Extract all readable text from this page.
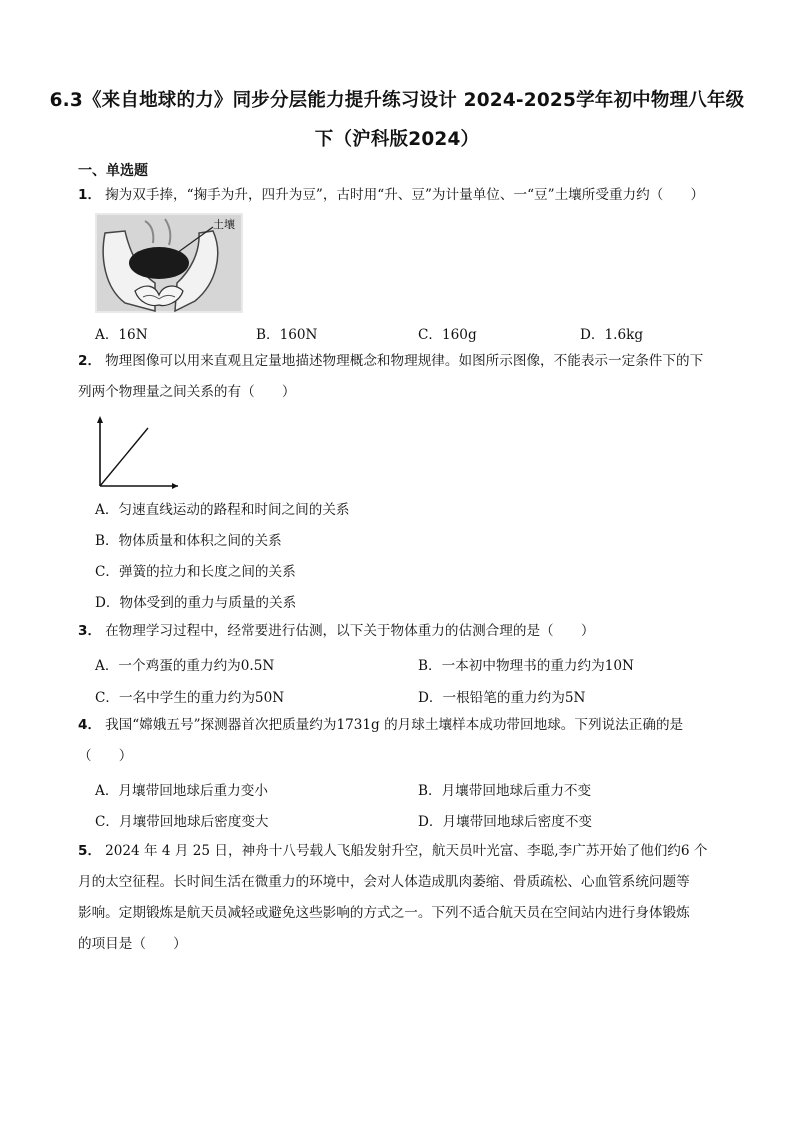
6.3《来自地球的力》同步分层能力提升练习设计 2024-2025学年初中物理八年级
下（沪科版2024）
一、单选题
1． 掬为双手捧，“掬手为升，四升为豆”，古时用“升、豆”为计量单位、一“豆”土壤所受重力约（　　）
土壤
A．16N	B．160N	C．160g	D．1.6kg
2． 物理图像可以用来直观且定量地描述物理概念和物理规律。如图所示图像，不能表示一定条件下的下
列两个物理量之间关系的有（　　）
A．匀速直线运动的路程和时间之间的关系
B．物体质量和体积之间的关系
C．弹簧的拉力和长度之间的关系
D．物体受到的重力与质量的关系
3． 在物理学习过程中，经常要进行估测，以下关于物体重力的估测合理的是（　　）
A．一个鸡蛋的重力约为0.5N	B．一本初中物理书的重力约为10N
C．一名中学生的重力约为50N	D．一根铅笔的重力约为5N
4． 我国“嫦娥五号”探测器首次把质量约为1731g 的月球土壤样本成功带回地球。下列说法正确的是
（　　）
A．月壤带回地球后重力变小	B．月壤带回地球后重力不变
C．月壤带回地球后密度变大	D．月壤带回地球后密度不变
5． 2024 年 4 月 25 日，神舟十八号载人飞船发射升空，航天员叶光富、李聪,李广苏开始了他们约6 个
月的太空征程。长时间生活在微重力的环境中，会对人体造成肌肉萎缩、骨质疏松、心血管系统问题等
影响。定期锻炼是航天员减轻或避免这些影响的方式之一。下列不适合航天员在空间站内进行身体锻炼
的项目是（　　）
